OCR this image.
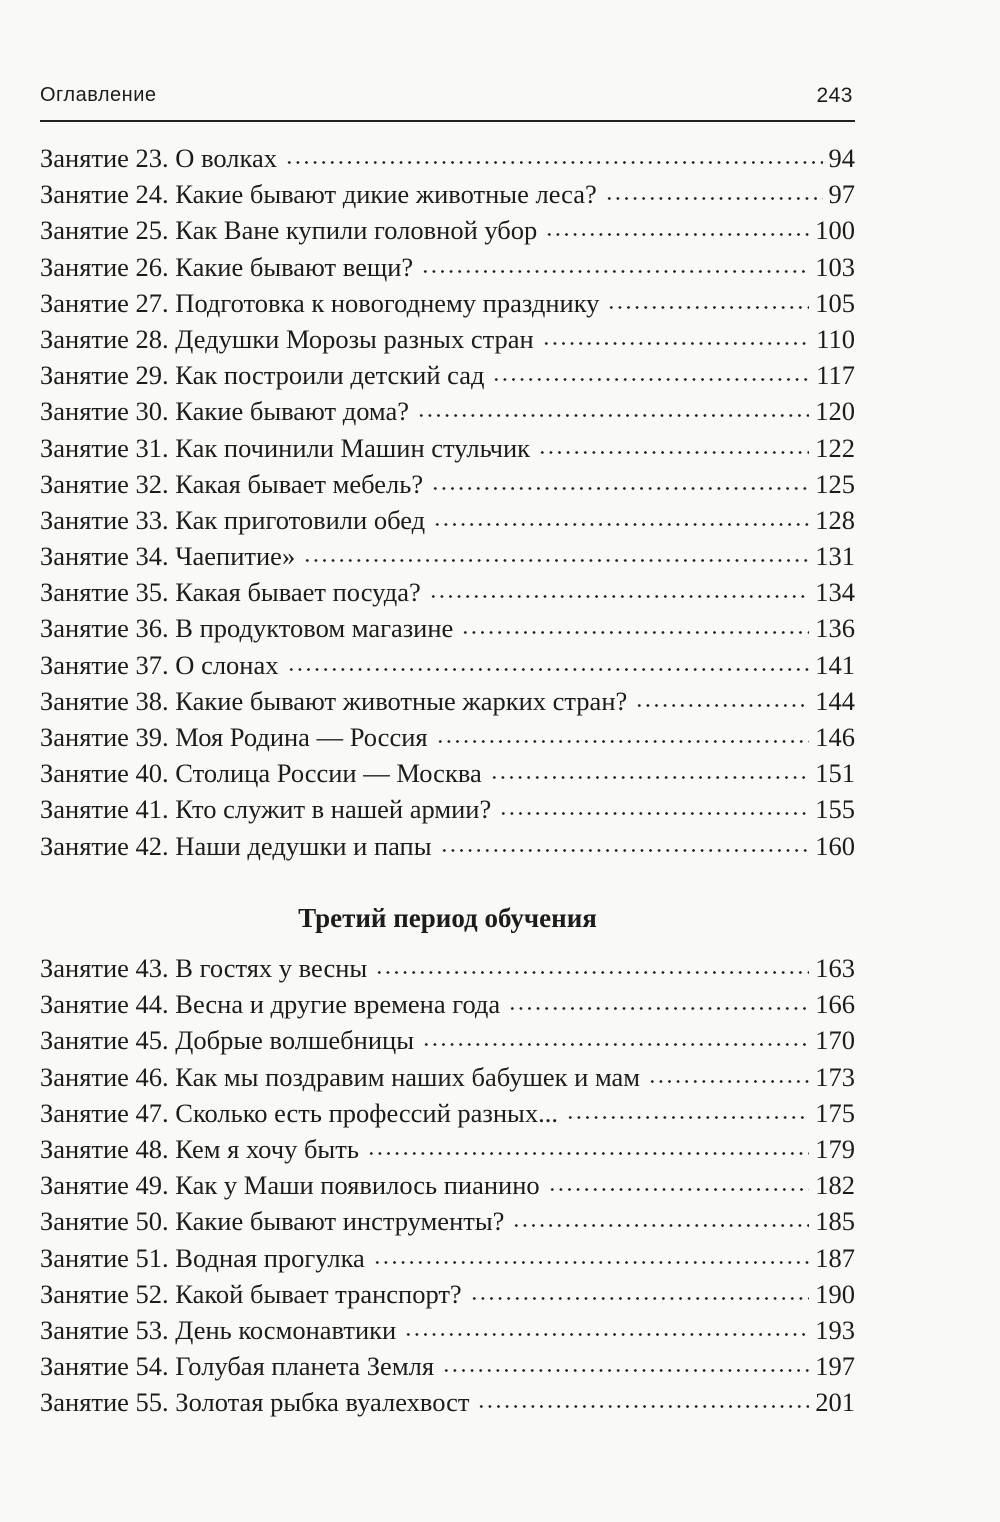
Оглавление	243
Занятие 23. О волках	94
Занятие 24. Какие бывают дикие животные леса?	97
Занятие 25. Как Ване купили головной убор	100
Занятие 26. Какие бывают вещи?	103
Занятие 27. Подготовка к новогоднему празднику	105
Занятие 28. Дедушки Морозы разных стран	110
Занятие 29. Как построили детский сад	117
Занятие 30. Какие бывают дома?	120
Занятие 31. Как починили Машин стульчик	122
Занятие 32. Какая бывает мебель?	125
Занятие 33. Как приготовили обед	128
Занятие 34. Чаепитие»	131
Занятие 35. Какая бывает посуда?	134
Занятие 36. В продуктовом магазине	136
Занятие 37. О слонах	141
Занятие 38. Какие бывают животные жарких стран?	144
Занятие 39. Моя Родина — Россия	146
Занятие 40. Столица России — Москва	151
Занятие 41. Кто служит в нашей армии?	155
Занятие 42. Наши дедушки и папы	160
Третий период обучения
Занятие 43. В гостях у весны	163
Занятие 44. Весна и другие времена года	166
Занятие 45. Добрые волшебницы	170
Занятие 46. Как мы поздравим наших бабушек и мам	173
Занятие 47. Сколько есть профессий разных...	175
Занятие 48. Кем я хочу быть	179
Занятие 49. Как у Маши появилось пианино	182
Занятие 50. Какие бывают инструменты?	185
Занятие 51. Водная прогулка	187
Занятие 52. Какой бывает транспорт?	190
Занятие 53. День космонавтики	193
Занятие 54. Голубая планета Земля	197
Занятие 55. Золотая рыбка вуалехвост	201
